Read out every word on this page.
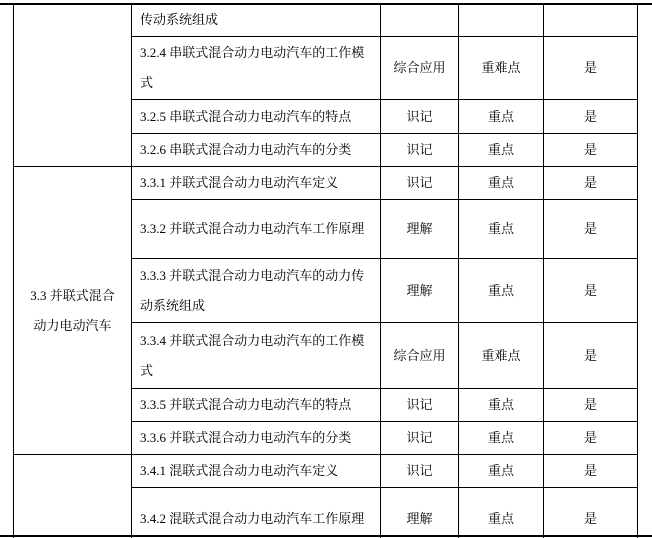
	传动系统组成			
	3.2.4 串联式混合动力电动汽车的工作模式	综合应用	重难点	是
	3.2.5 串联式混合动力电动汽车的特点	识记	重点	是
	3.2.6 串联式混合动力电动汽车的分类	识记	重点	是

3.3 并联式混合
动力电动汽车	3.3.1 并联式混合动力电动汽车定义	识记	重点	是
	3.3.2 并联式混合动力电动汽车工作原理	理解	重点	是
	3.3.3 并联式混合动力电动汽车的动力传动系统组成	理解	重点	是
	3.3.4 并联式混合动力电动汽车的工作模式	综合应用	重难点	是
	3.3.5 并联式混合动力电动汽车的特点	识记	重点	是
	3.3.6 并联式混合动力电动汽车的分类	识记	重点	是

	3.4.1 混联式混合动力电动汽车定义	识记	重点	是
	3.4.2 混联式混合动力电动汽车工作原理	理解	重点	是
